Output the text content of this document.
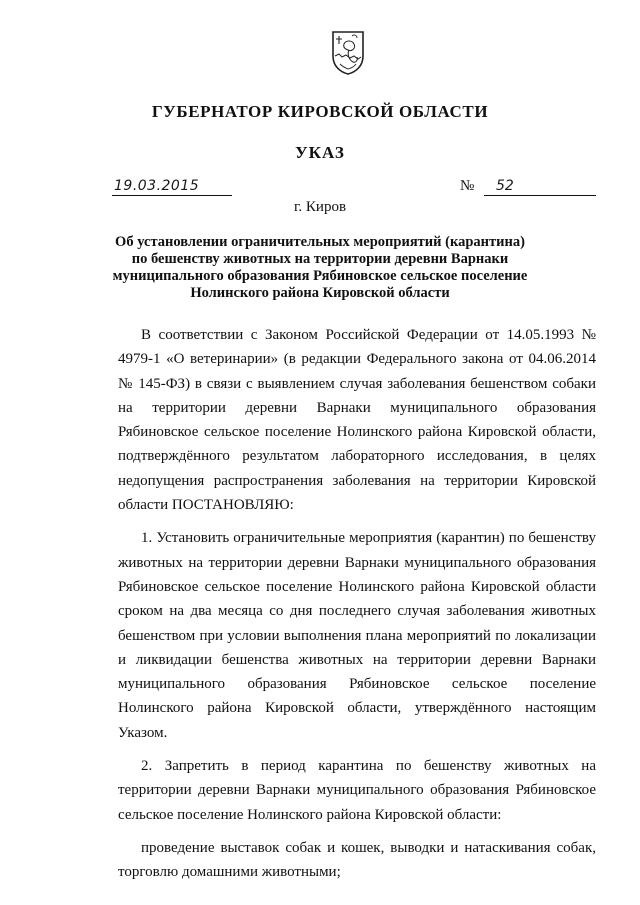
ГУБЕРНАТОР КИРОВСКОЙ ОБЛАСТИ
УКАЗ
19.03.2015	№ 52
г. Киров
Об установлении ограничительных мероприятий (карантина)
по бешенству животных на территории деревни Варнаки
муниципального образования Рябиновское сельское поселение
Нолинского района Кировской области

В соответствии с Законом Российской Федерации от 14.05.1993 № 4979-1 «О ветеринарии» (в редакции Федерального закона от 04.06.2014 № 145-ФЗ) в связи с выявлением случая заболевания бешенством собаки на территории деревни Варнаки муниципального образования Рябиновское сельское поселение Нолинского района Кировской области, подтверждённого результатом лабораторного исследования, в целях недопущения распространения заболевания на территории Кировской области ПОСТАНОВЛЯЮ:

1. Установить ограничительные мероприятия (карантин) по бешенству животных на территории деревни Варнаки муниципального образования Рябиновское сельское поселение Нолинского района Кировской области сроком на два месяца со дня последнего случая заболевания животных бешенством при условии выполнения плана мероприятий по локализации и ликвидации бешенства животных на территории деревни Варнаки муниципального образования Рябиновское сельское поселение Нолинского района Кировской области, утверждённого настоящим Указом.

2. Запретить в период карантина по бешенству животных на территории деревни Варнаки муниципального образования Рябиновское сельское поселение Нолинского района Кировской области:

проведение выставок собак и кошек, выводки и натаскивания собак, торговлю домашними животными;
